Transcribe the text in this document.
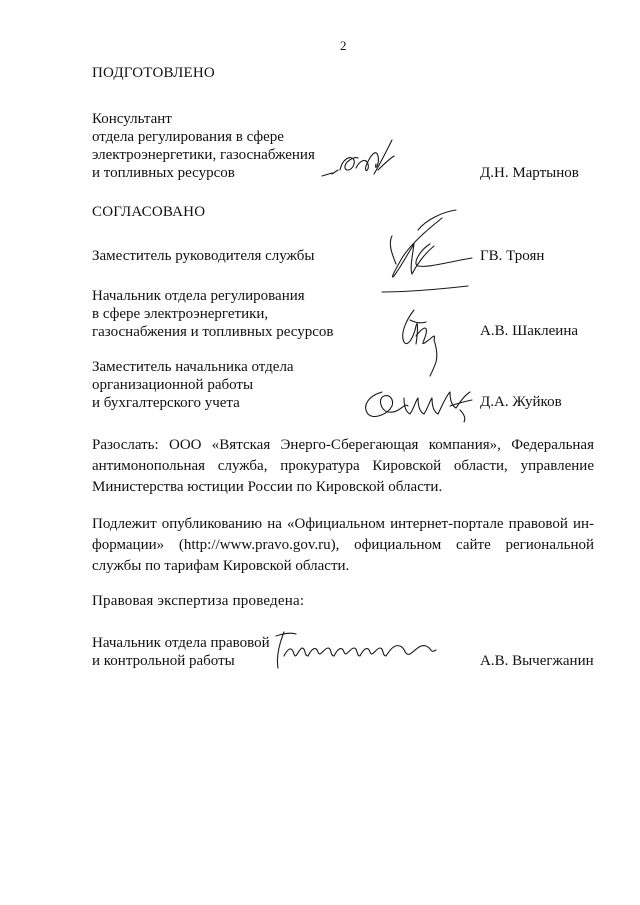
2
ПОДГОТОВЛЕНО
Консультант
отдела регулирования в сфере
электроэнергетики, газоснабжения
и топливных ресурсов	Д.Н. Мартынов
СОГЛАСОВАНО
Заместитель руководителя службы	ГВ. Троян
Начальник отдела регулирования
в сфере электроэнергетики,
газоснабжения и топливных ресурсов	А.В. Шаклеина
Заместитель начальника отдела
организационной работы
и бухгалтерского учета	Д.А. Жуйков
Разослать: ООО «Вятская Энерго-Сберегающая компания», Федеральная
антимонопольная служба, прокуратура Кировской области, управление
Министерства юстиции России по Кировской области.
Подлежит опубликованию на «Официальном интернет-портале правовой ин-
формации» (http://www.pravo.gov.ru), официальном сайте региональной
службы по тарифам Кировской области.
Правовая экспертиза проведена:
Начальник отдела правовой
и контрольной работы	А.В. Вычегжанин
